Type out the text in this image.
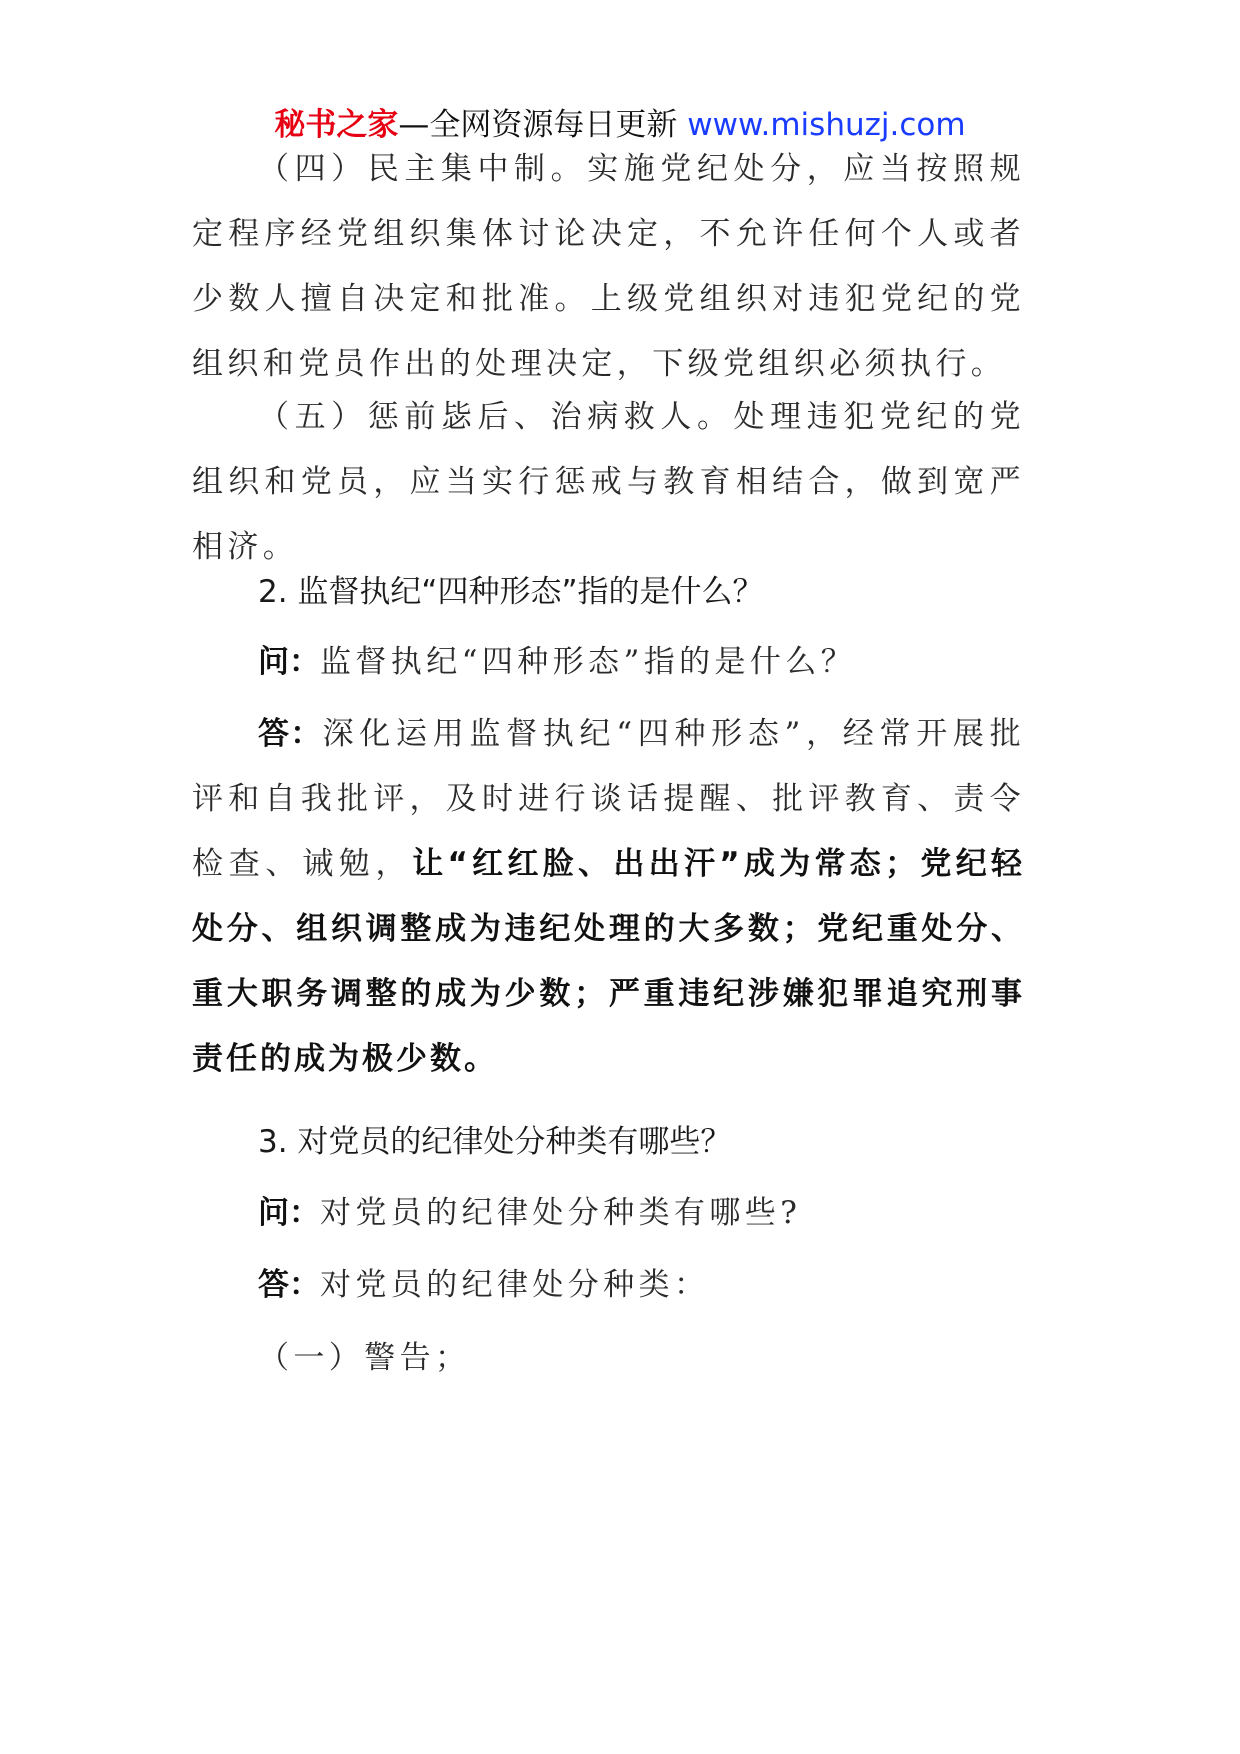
秘书之家—全网资源每日更新 www.mishuzj.com

（四）民主集中制。实施党纪处分，应当按照规定程序经党组织集体讨论决定，不允许任何个人或者少数人擅自决定和批准。上级党组织对违犯党纪的党组织和党员作出的处理决定，下级党组织必须执行。

（五）惩前毖后、治病救人。处理违犯党纪的党组织和党员，应当实行惩戒与教育相结合，做到宽严相济。

2. 监督执纪“四种形态”指的是什么？
问：监督执纪“四种形态”指的是什么？

答：深化运用监督执纪“四种形态”，经常开展批评和自我批评，及时进行谈话提醒、批评教育、责令检查、诫勉，让“红红脸、出出汗”成为常态；党纪轻处分、组织调整成为违纪处理的大多数；党纪重处分、重大职务调整的成为少数；严重违纪涉嫌犯罪追究刑事责任的成为极少数。

3. 对党员的纪律处分种类有哪些？
问：对党员的纪律处分种类有哪些?
答：对党员的纪律处分种类：
（一）警告；
